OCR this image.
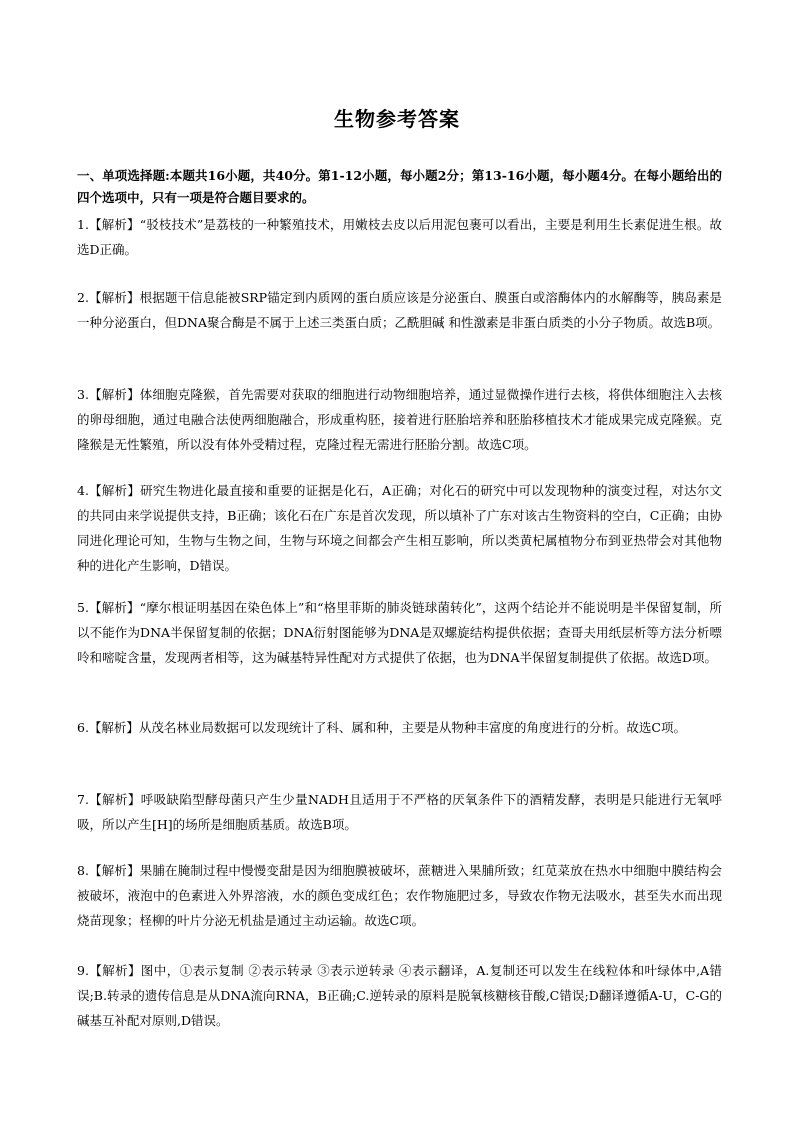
生物参考答案
一、单项选择题:本题共16小题，共40分。第1-12小题，每小题2分；第13-16小题，每小题4分。在每小题给出的四个选项中，只有一项是符合题目要求的。
1.【解析】“驳枝技术”是荔枝的一种繁殖技术，用嫩枝去皮以后用泥包裹可以看出，主要是利用生长素促进生根。故选D正确。
2.【解析】根据题干信息能被SRP锚定到内质网的蛋白质应该是分泌蛋白、膜蛋白或溶酶体内的水解酶等，胰岛素是一种分泌蛋白，但DNA聚合酶是不属于上述三类蛋白质；乙酰胆碱 和性激素是非蛋白质类的小分子物质。故选B项。
3.【解析】体细胞克隆猴，首先需要对获取的细胞进行动物细胞培养，通过显微操作进行去核，将供体细胞注入去核的卵母细胞，通过电融合法使两细胞融合，形成重构胚，接着进行胚胎培养和胚胎移植技术才能成果完成克隆猴。克隆猴是无性繁殖，所以没有体外受精过程，克隆过程无需进行胚胎分割。故选C项。
4.【解析】研究生物进化最直接和重要的证据是化石，A正确；对化石的研究中可以发现物种的演变过程，对达尔文的共同由来学说提供支持，B正确；该化石在广东是首次发现，所以填补了广东对该古生物资料的空白，C正确；由协同进化理论可知，生物与生物之间，生物与环境之间都会产生相互影响，所以类黄杞属植物分布到亚热带会对其他物种的进化产生影响，D错误。
5.【解析】“摩尔根证明基因在染色体上”和“格里菲斯的肺炎链球菌转化”，这两个结论并不能说明是半保留复制，所以不能作为DNA半保留复制的依据；DNA衍射图能够为DNA是双螺旋结构提供依据；查哥夫用纸层析等方法分析嘌呤和嘧啶含量，发现两者相等，这为碱基特异性配对方式提供了依据，也为DNA半保留复制提供了依据。故选D项。
6.【解析】从茂名林业局数据可以发现统计了科、属和种，主要是从物种丰富度的角度进行的分析。故选C项。
7.【解析】呼吸缺陷型酵母菌只产生少量NADH且适用于不严格的厌氧条件下的酒精发酵，表明是只能进行无氧呼吸，所以产生[H]的场所是细胞质基质。故选B项。
8.【解析】果脯在腌制过程中慢慢变甜是因为细胞膜被破坏，蔗糖进入果脯所致；红苋菜放在热水中细胞中膜结构会被破坏，液泡中的色素进入外界溶液，水的颜色变成红色；农作物施肥过多，导致农作物无法吸水，甚至失水而出现烧苗现象；柽柳的叶片分泌无机盐是通过主动运输。故选C项。
9.【解析】图中，①表示复制 ②表示转录 ③表示逆转录 ④表示翻译，A.复制还可以发生在线粒体和叶绿体中,A错误;B.转录的遗传信息是从DNA流向RNA，B正确;C.逆转录的原料是脱氧核糖核苷酸,C错误;D翻译遵循A-U，C-G的碱基互补配对原则,D错误。
